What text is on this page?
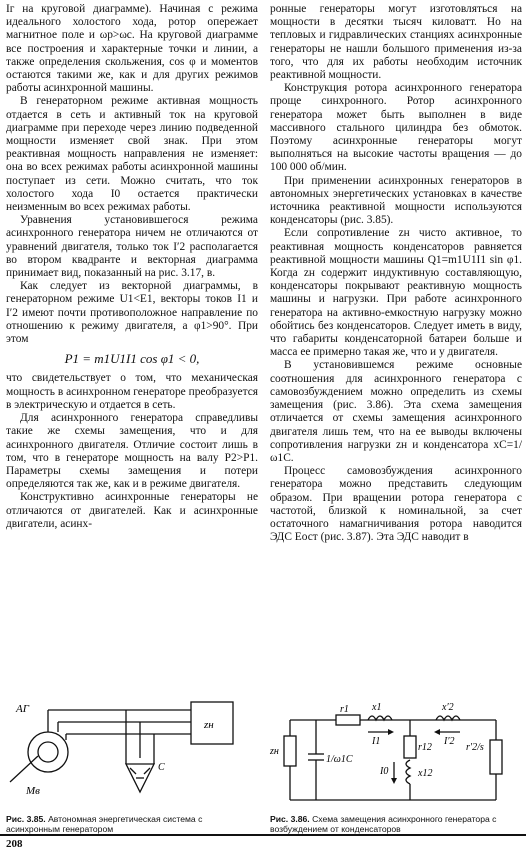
Iг на круговой диаграмме). Начиная с режима идеального холостого хода, ротор опережает магнитное поле и ωр>ωc. На круговой диаграмме все построения и характерные точки и линии, а также определения скольжения, cos φ и моментов остаются такими же, как и для других режимов работы асинхронной машины.

В генераторном режиме активная мощность отдается в сеть и активный ток на круговой диаграмме при переходе через линию подведенной мощности изменяет свой знак. При этом реактивная мощность направления не изменяет: она во всех режимах работы асинхронной машины поступает из сети. Можно считать, что ток холостого хода I0 остается практически неизменным во всех режимах работы.

Уравнения установившегося режима асинхронного генератора ничем не отличаются от уравнений двигателя, только ток I′2 располагается во втором квадранте и векторная диаграмма принимает вид, показанный на рис. 3.17, в.

Как следует из векторной диаграммы, в генераторном режиме U1<E1, векторы токов I1 и I′2 имеют почти противоположное направление по отношению к режиму двигателя, а φ1>90°. При этом

P1 = m1U1I1 cos φ1 < 0,

что свидетельствует о том, что механическая мощность в асинхронном генераторе преобразуется в электрическую и отдается в сеть.

Для асинхронного генератора справедливы такие же схемы замещения, что и для асинхронного двигателя. Отличие состоит лишь в том, что в генераторе мощность на валу P2>P1. Параметры схемы замещения и потери определяются так же, как и в режиме двигателя.

Конструктивно асинхронные генераторы не отличаются от двигателей. Как и асинхронные двигатели, асинх-

ронные генераторы могут изготовляться на мощности в десятки тысяч киловатт. Но на тепловых и гидравлических станциях асинхронные генераторы не нашли большого применения из-за того, что для их работы необходим источник реактивной мощности.

Конструкция ротора асинхронного генератора проще синхронного. Ротор асинхронного генератора может быть выполнен в виде массивного стального цилиндра без обмоток. Поэтому асинхронные генераторы могут выполняться на высокие частоты вращения — до 100 000 об/мин.

При применении асинхронных генераторов в автономных энергетических установках в качестве источника реактивной мощности используются конденсаторы (рис. 3.85).

Если сопротивление zн чисто активное, то реактивная мощность конденсаторов равняется реактивной мощности машины Q1=m1U1I1 sin φ1. Когда zн содержит индуктивную составляющую, конденсаторы покрывают реактивную мощность машины и нагрузки. При работе асинхронного генератора на активно-емкостную нагрузку можно обойтись без конденсаторов. Следует иметь в виду, что габариты конденсаторной батареи больше и масса ее примерно такая же, что и у двигателя.

В установившемся режиме основные соотношения для асинхронного генератора с самовозбуждением можно определить из схемы замещения (рис. 3.86). Эта схема замещения отличается от схемы замещения асинхронного двигателя лишь тем, что на ее выводы включены сопротивления нагрузки zн и конденсатора xC=1/ω1C.

Процесс самовозбуждения асинхронного генератора можно представить следующим образом. При вращении ротора генератора с частотой, близкой к номинальной, за счет остаточного намагничивания ротора наводится ЭДС Eост (рис. 3.87). Эта ЭДС наводит в

АГ
Mв
zн
C
Рис. 3.85. Автономная энергетическая система с асинхронным генератором
zн
1/ω1C
r1 x1
I1
x′2
I′2
r12
x12
I0
r′2/s
Рис. 3.86. Схема замещения асинхронного генератора с возбуждением от конденсаторов
208
